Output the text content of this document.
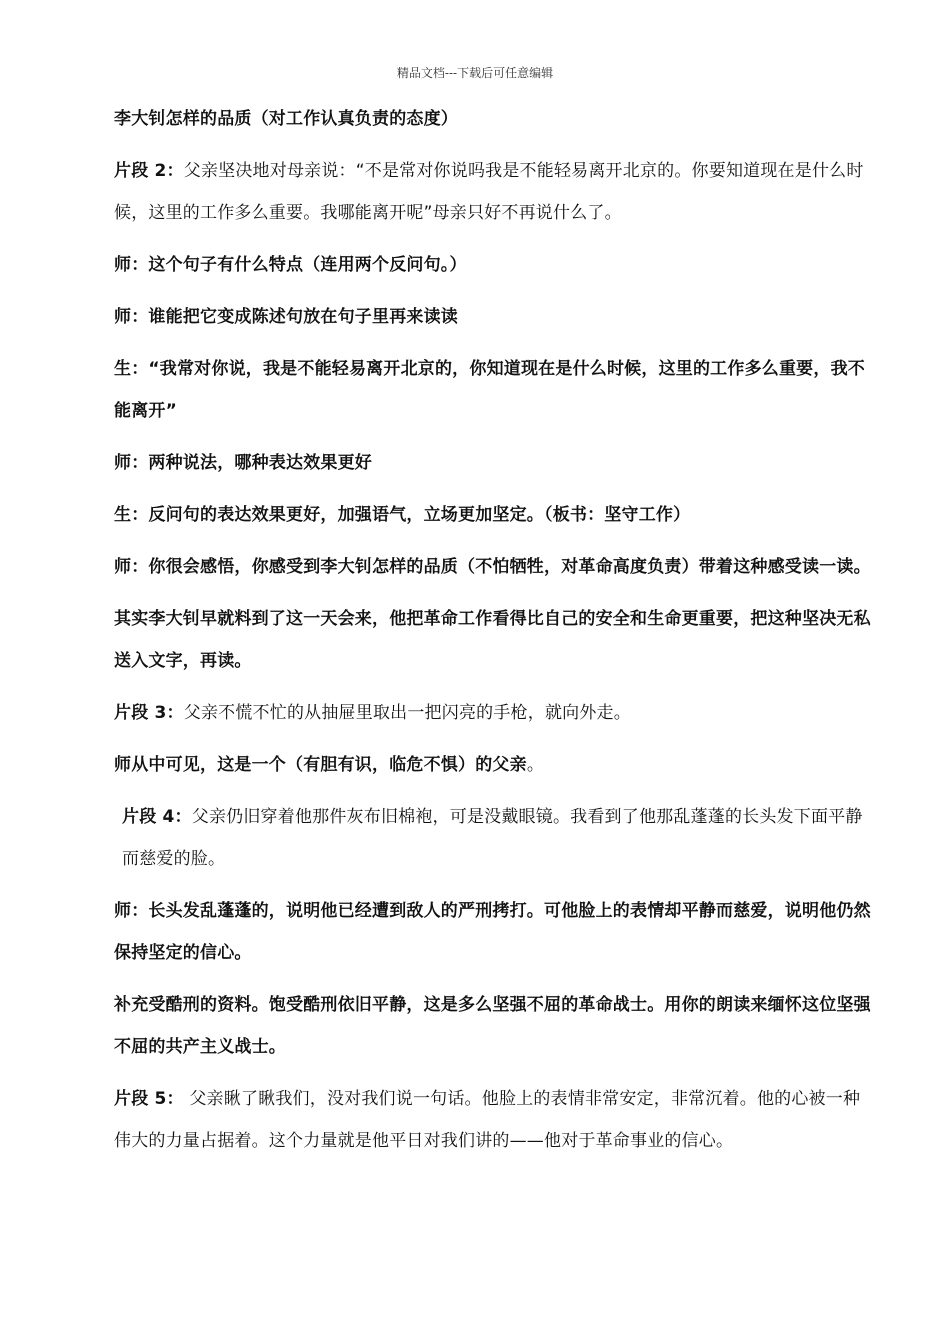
精品文档---下载后可任意编辑

李大钊怎样的品质（对工作认真负责的态度）

片段 2：父亲坚决地对母亲说：“不是常对你说吗我是不能轻易离开北京的。你要知道现在是什么时候，这里的工作多么重要。我哪能离开呢”母亲只好不再说什么了。

师：这个句子有什么特点（连用两个反问句。）

师：谁能把它变成陈述句放在句子里再来读读

生：“我常对你说，我是不能轻易离开北京的，你知道现在是什么时候，这里的工作多么重要，我不能离开”

师：两种说法，哪种表达效果更好

生：反问句的表达效果更好，加强语气，立场更加坚定。（板书：坚守工作）

师：你很会感悟，你感受到李大钊怎样的品质（不怕牺牲，对革命高度负责）带着这种感受读一读。

其实李大钊早就料到了这一天会来，他把革命工作看得比自己的安全和生命更重要，把这种坚决无私送入文字，再读。

片段 3：父亲不慌不忙的从抽屉里取出一把闪亮的手枪，就向外走。

师从中可见，这是一个（有胆有识，临危不惧）的父亲。

片段 4：父亲仍旧穿着他那件灰布旧棉袍，可是没戴眼镜。我看到了他那乱蓬蓬的长头发下面平静而慈爱的脸。

师：长头发乱蓬蓬的，说明他已经遭到敌人的严刑拷打。可他脸上的表情却平静而慈爱，说明他仍然保持坚定的信心。

补充受酷刑的资料。饱受酷刑依旧平静，这是多么坚强不屈的革命战士。用你的朗读来缅怀这位坚强不屈的共产主义战士。

片段 5： 父亲瞅了瞅我们，没对我们说一句话。他脸上的表情非常安定，非常沉着。他的心被一种伟大的力量占据着。这个力量就是他平日对我们讲的——他对于革命事业的信心。
